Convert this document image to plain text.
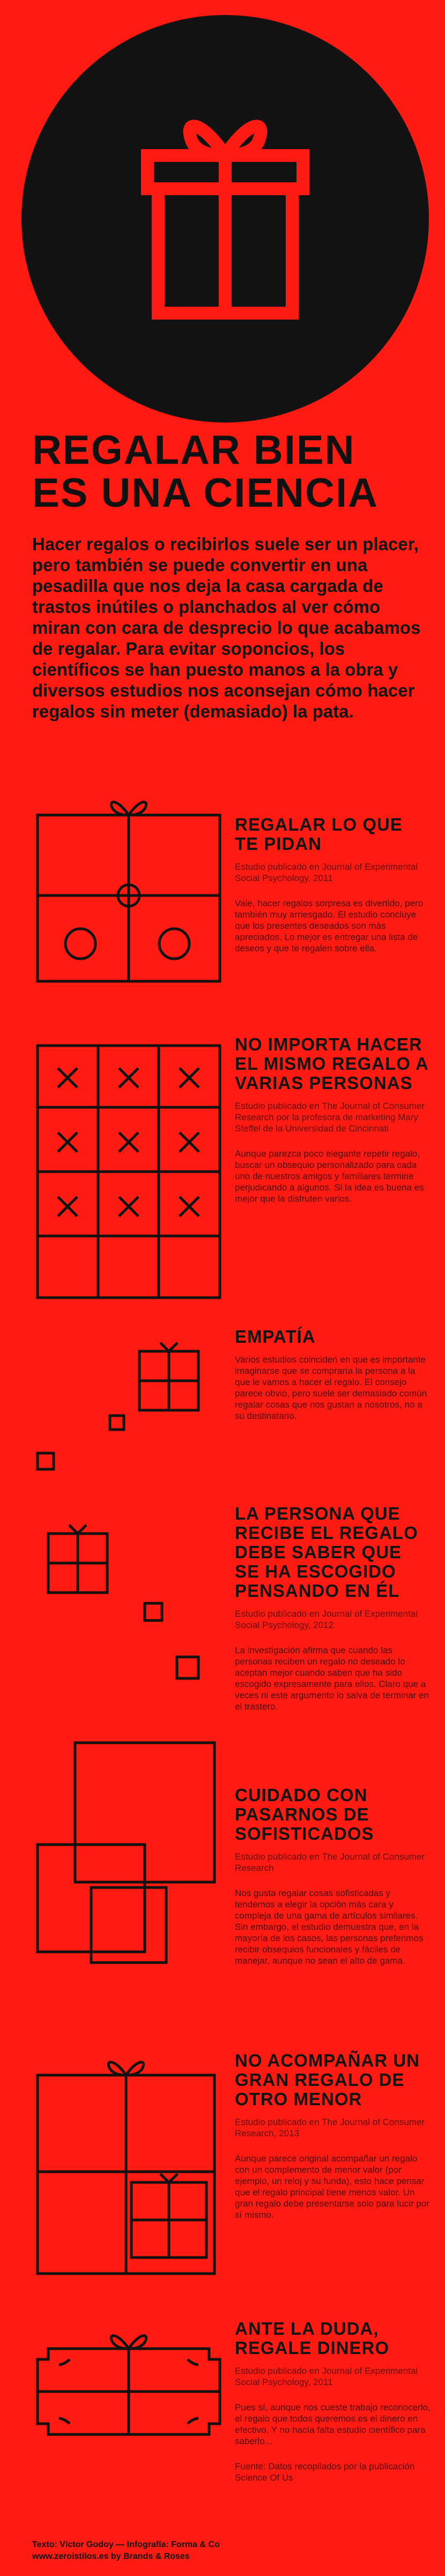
REGALAR BIEN ES UNA CIENCIA

Hacer regalos o recibirlos suele ser un placer, pero también se puede convertir en una pesadilla que nos deja la casa cargada de trastos inútiles o planchados al ver cómo miran con cara de desprecio lo que acabamos de regalar. Para evitar soponcios, los científicos se han puesto manos a la obra y diversos estudios nos aconsejan cómo hacer regalos sin meter (demasiado) la pata.

REGALAR LO QUE TE PIDAN

Estudio publicado en Journal of Experimental Social Psychology, 2011

Vale, hacer regalos sorpresa es divertido, pero también muy arriesgado. El estudio concluye que los presentes deseados son más apreciados. Lo mejor es entregar una lista de deseos y que te regalen sobre ella.

NO IMPORTA HACER EL MISMO REGALO A VARIAS PERSONAS

Estudio publicado en The Journal of Consumer Research por la profesora de marketing Mary Steffel de la Universidad de Cincinnati

Aunque parezca poco elegante repetir regalo, buscar un obsequio personalizado para cada uno de nuestros amigos y familiares termine perjudicando a algunos. Si la idea es buena es mejor que la disfruten varios.

EMPATÍA

Varios estudios coinciden en que es importante imaginarse que se compraría la persona a la que le vamos a hacer el regalo. El consejo parece obvio, pero suele ser demasiado común regalar cosas que nos gustan a nosotros, no a su destinatario.

LA PERSONA QUE RECIBE EL REGALO DEBE SABER QUE SE HA ESCOGIDO PENSANDO EN ÉL

Estudio publicado en Journal of Experimental Social Psychology, 2012

La investigación afirma que cuando las personas reciben un regalo no deseado lo aceptan mejor cuando saben que ha sido escogido expresamente para ellos. Claro que a veces ni este argumento lo salva de terminar en el trastero.

CUIDADO CON PASARNOS DE SOFISTICADOS

Estudio publicado en The Journal of Consumer Research

Nos gusta regalar cosas sofisticadas y tendemos a elegir la opción más cara y compleja de una gama de artículos similares. Sin embargo, el estudio demuestra que, en la mayoría de los casos, las personas preferimos recibir obsequios funcionales y fáciles de manejar, aunque no sean el alto de gama.

NO ACOMPAÑAR UN GRAN REGALO DE OTRO MENOR

Estudio publicado en The Journal of Consumer Research, 2013

Aunque parece original acompañar un regalo con un complemento de menor valor (por ejemplo, un reloj y su funda), esto hace pensar que el regalo principal tiene menos valor. Un gran regalo debe presentarse solo para lucir por sí mismo.

ANTE LA DUDA, REGALE DINERO

Estudio publicado en Journal of Experimental Social Psychology, 2011

Pues sí, aunque nos cueste trabajo reconocerlo, el regalo que todos queremos es el dinero en efectivo. Y no hacía falta estudio científico para saberlo...

Fuente: Datos recopilados por la publicación Science Of Us

Texto: Víctor Godoy — Infografía: Forma & Co
www.zeroistilos.es by Brands & Roses
